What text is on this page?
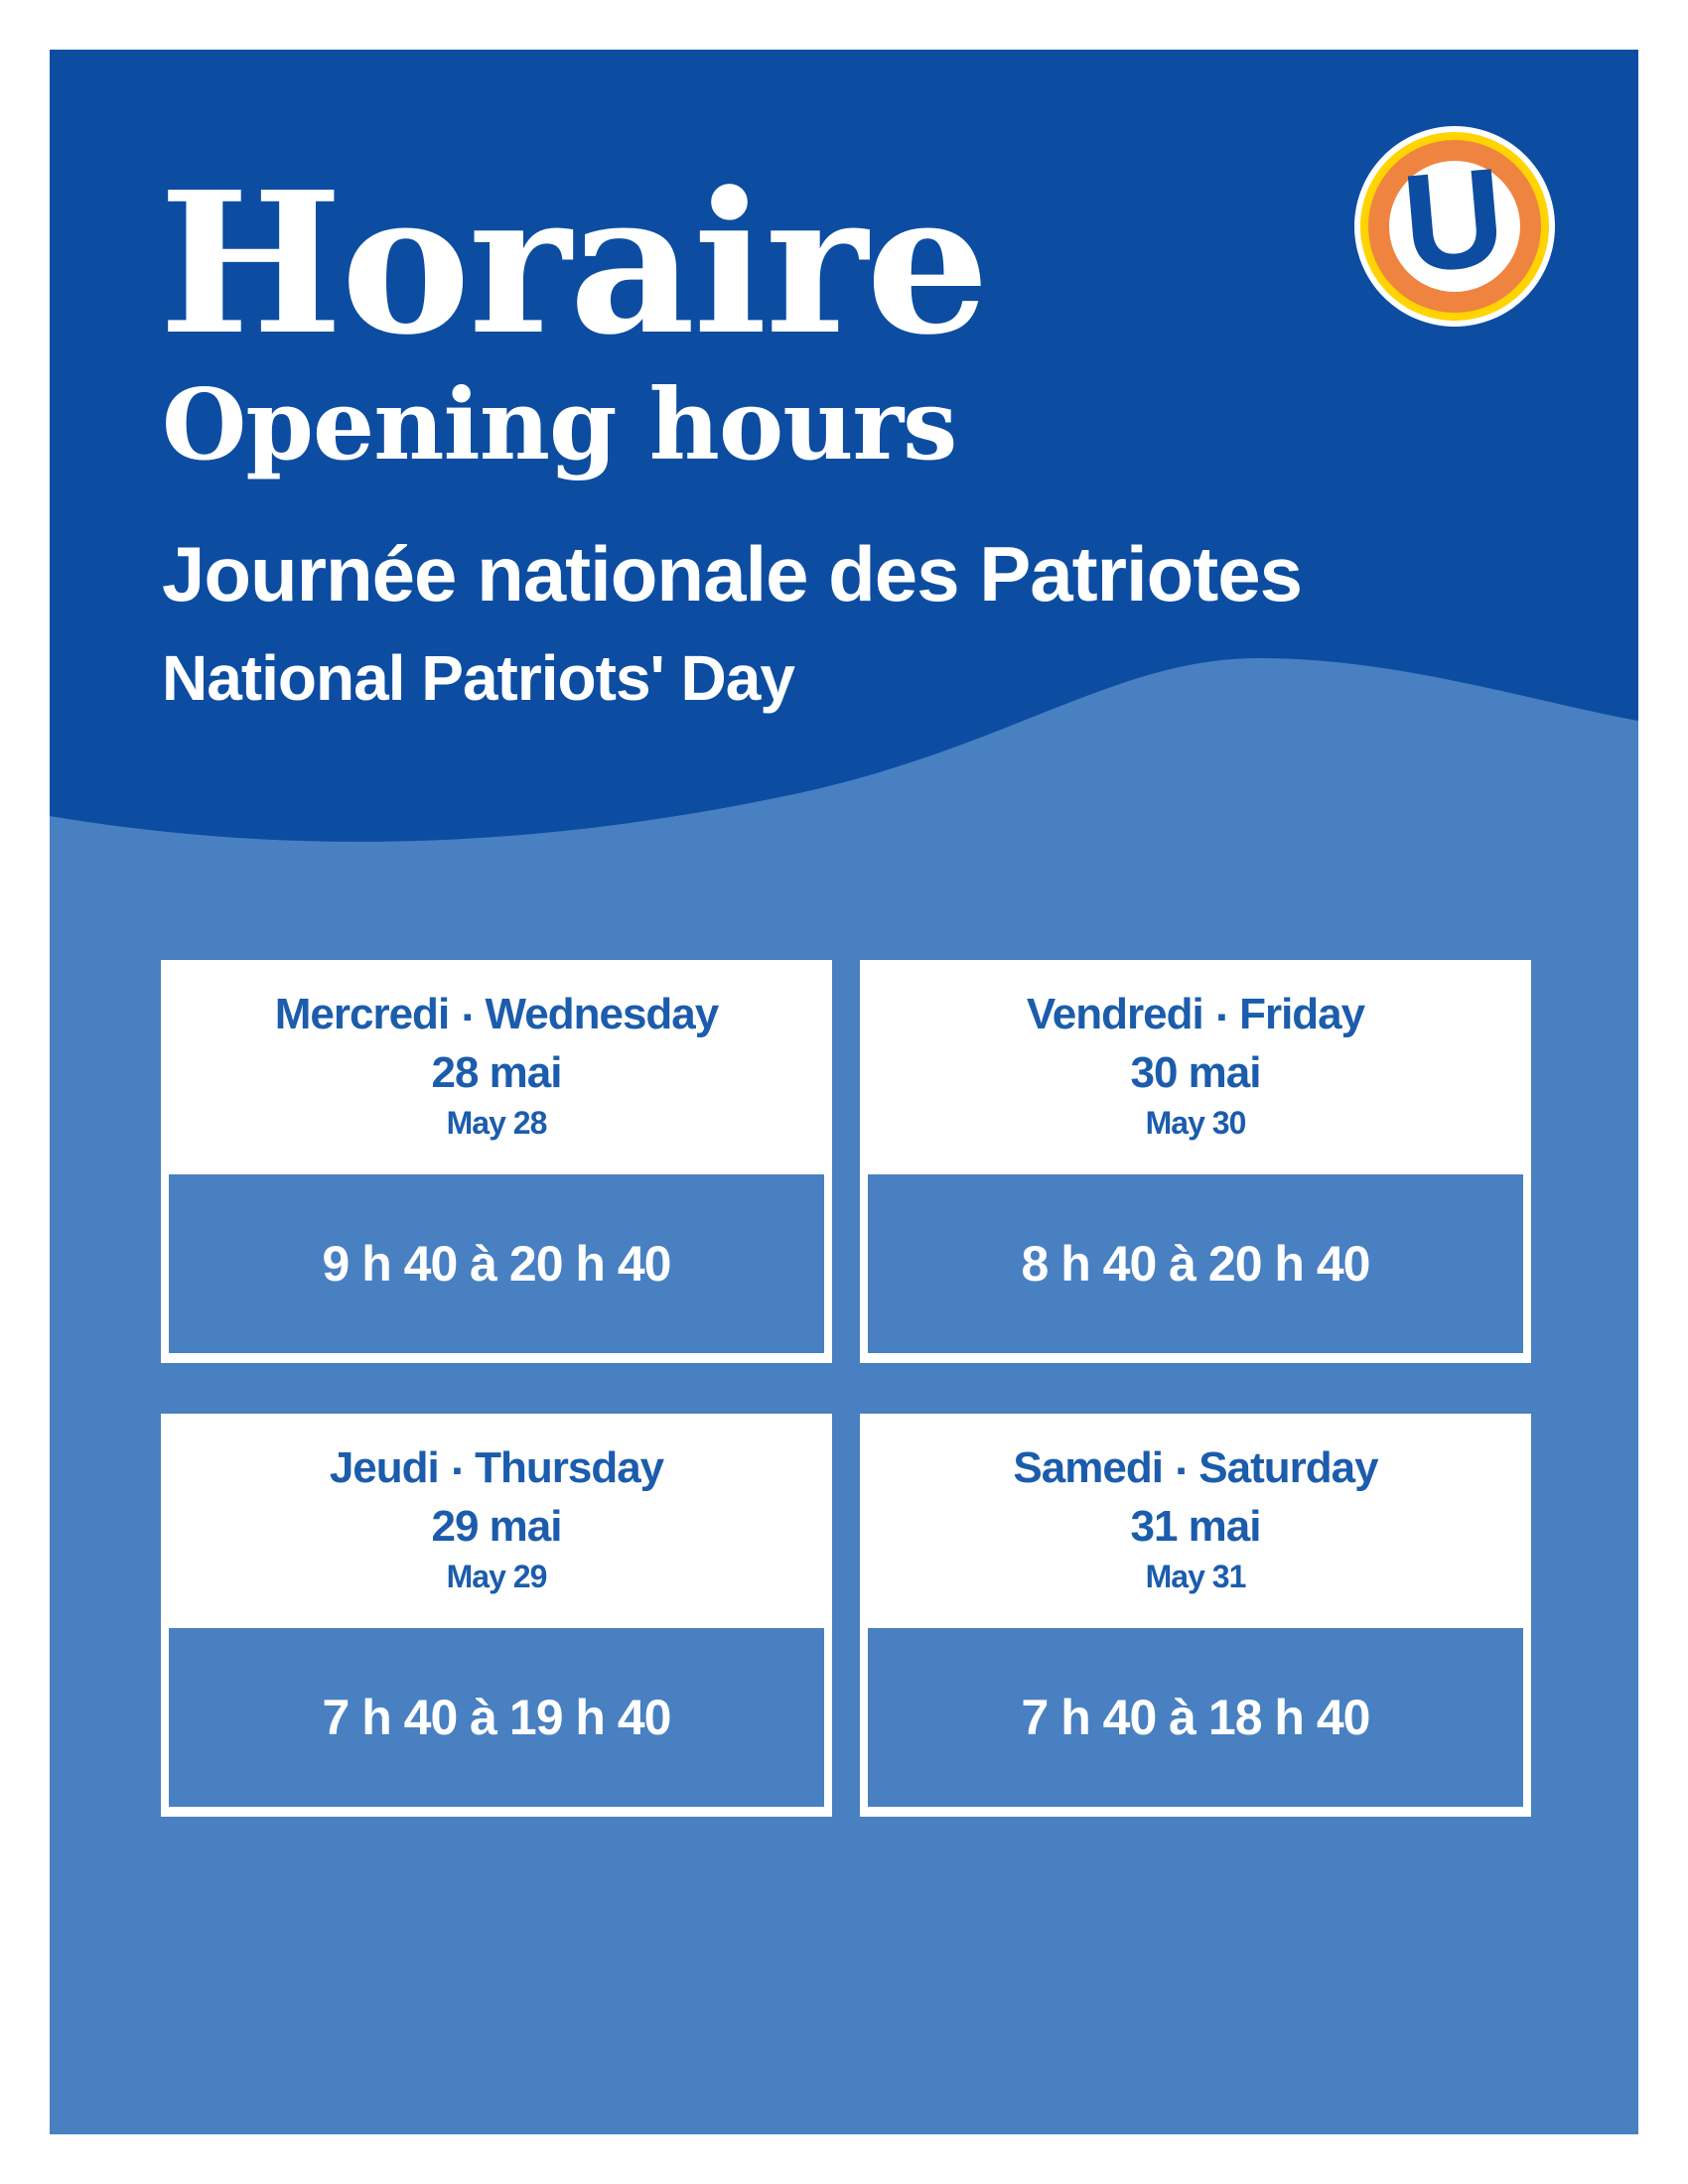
Horaire
Opening hours
Journée nationale des Patriotes
National Patriots' Day
U
Mercredi ▪ Wednesday
28 mai
May 28
9 h 40 à 20 h 40
Vendredi ▪ Friday
30 mai
May 30
8 h 40 à 20 h 40
Jeudi ▪ Thursday
29 mai
May 29
7 h 40 à 19 h 40
Samedi ▪ Saturday
31 mai
May 31
7 h 40 à 18 h 40
